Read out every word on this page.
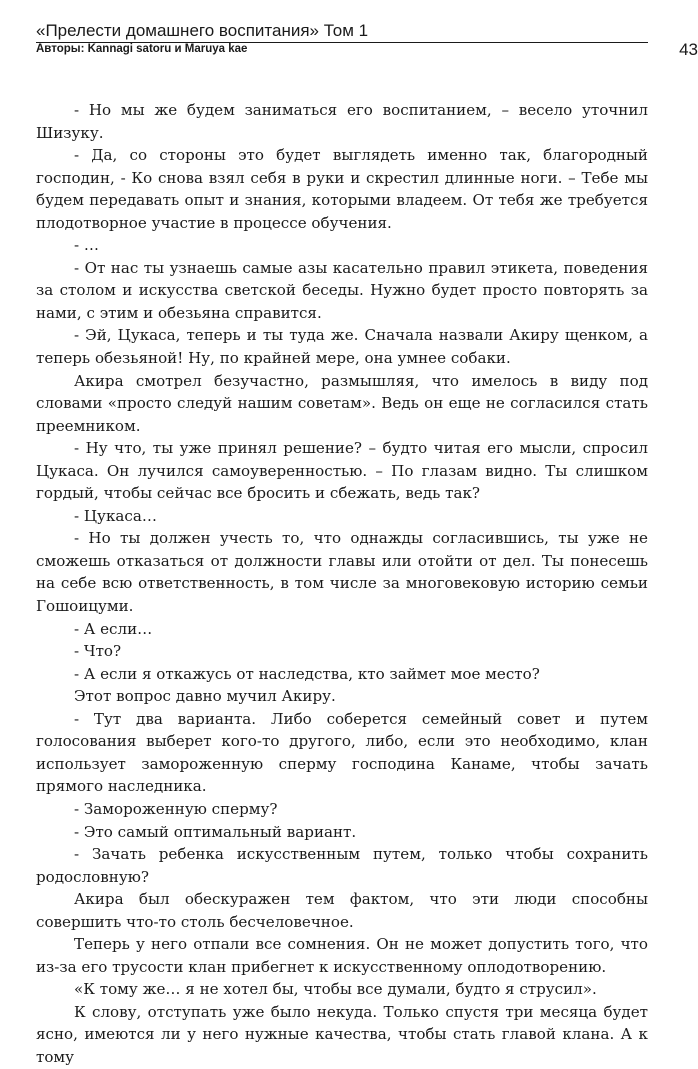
«Прелести домашнего воспитания» Том 1
43
Авторы: Kannagi satoru и Maruya kae

- Но мы же будем заниматься его воспитанием, – весело уточнил Шизуку.

- Да, со стороны это будет выглядеть именно так, благородный господин, - Ко снова взял себя в руки и скрестил длинные ноги. – Тебе мы будем передавать опыт и знания, которыми владеем. От тебя же требуется плодотворное участие в процессе обучения.

- …

- От нас ты узнаешь самые азы касательно правил этикета, поведения за столом и искусства светской беседы. Нужно будет просто повторять за нами, с этим и обезьяна справится.

- Эй, Цукаса, теперь и ты туда же. Сначала назвали Акиру щенком, а теперь обезьяной! Ну, по крайней мере, она умнее собаки.

Акира смотрел безучастно, размышляя, что имелось в виду под словами «просто следуй нашим советам». Ведь он еще не согласился стать преемником.

- Ну что, ты уже принял решение? – будто читая его мысли, спросил Цукаса. Он лучился самоуверенностью. – По глазам видно. Ты слишком гордый, чтобы сейчас все бросить и сбежать, ведь так?

- Цукаса…

- Но ты должен учесть то, что однажды согласившись, ты уже не сможешь отказаться от должности главы или отойти от дел. Ты понесешь на себе всю ответственность, в том числе за многовековую историю семьи Гошоицуми.

- А если…

- Что?

- А если я откажусь от наследства, кто займет мое место?

Этот вопрос давно мучил Акиру.

- Тут два варианта. Либо соберется семейный совет и путем голосования выберет кого-то другого, либо, если это необходимо, клан использует замороженную сперму господина Канаме, чтобы зачать прямого наследника.

- Замороженную сперму?

- Это самый оптимальный вариант.

- Зачать ребенка искусственным путем, только чтобы сохранить родословную?

Акира был обескуражен тем фактом, что эти люди способны совершить что-то столь бесчеловечное.

Теперь у него отпали все сомнения. Он не может допустить того, что из-за его трусости клан прибегнет к искусственному оплодотворению.

«К тому же… я не хотел бы, чтобы все думали, будто я струсил».

К слову, отступать уже было некуда. Только спустя три месяца будет ясно, имеются ли у него нужные качества, чтобы стать главой клана. А к тому
